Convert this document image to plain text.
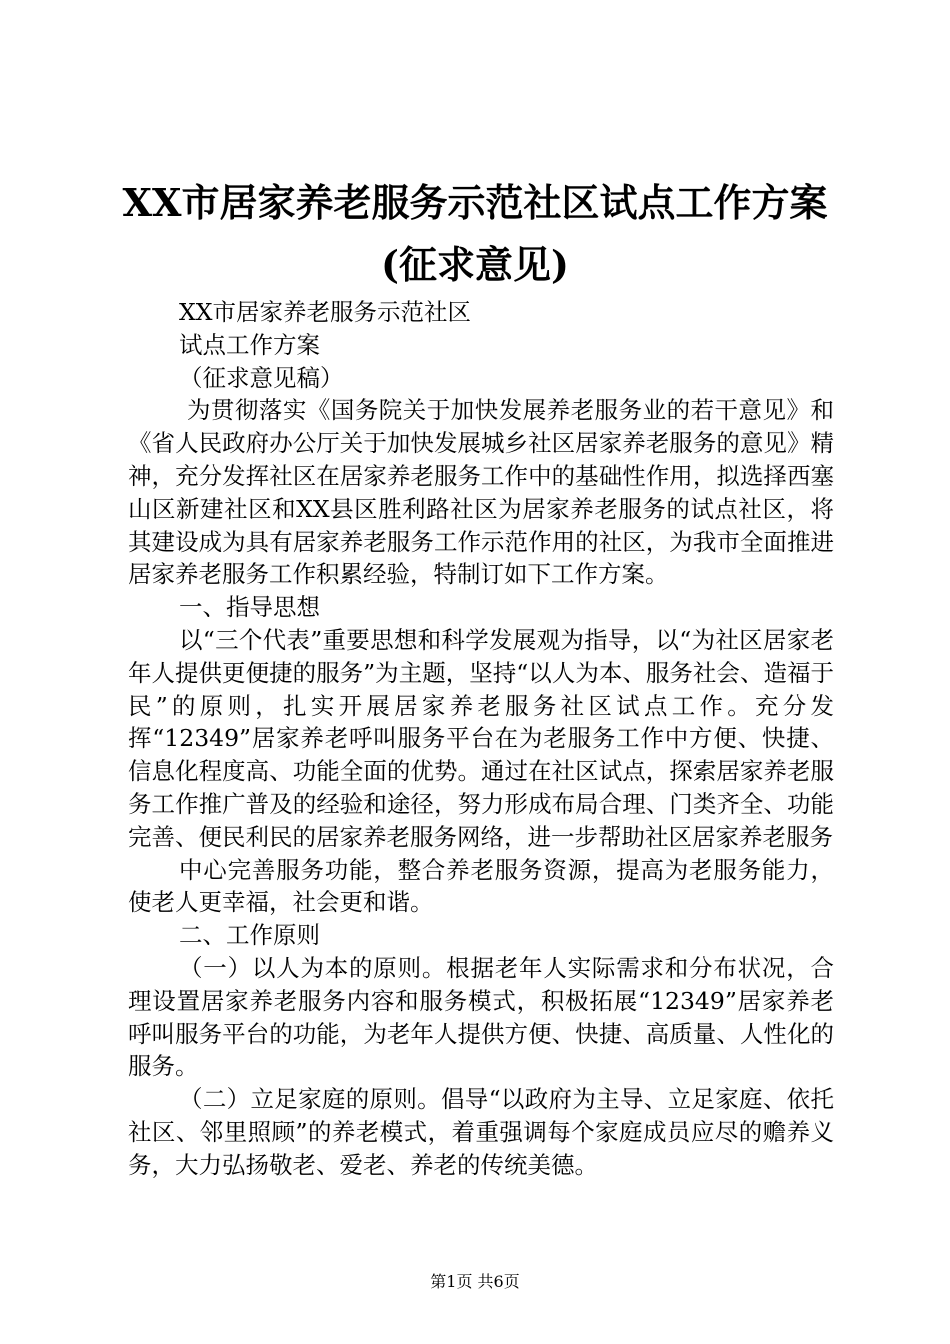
XX市居家养老服务示范社区试点工作方案(征求意见)

XX市居家养老服务示范社区

试点工作方案

（征求意见稿）

为贯彻落实《国务院关于加快发展养老服务业的若干意见》和《省人民政府办公厅关于加快发展城乡社区居家养老服务的意见》精神，充分发挥社区在居家养老服务工作中的基础性作用，拟选择西塞山区新建社区和XX县区胜利路社区为居家养老服务的试点社区，将其建设成为具有居家养老服务工作示范作用的社区，为我市全面推进居家养老服务工作积累经验，特制订如下工作方案。

一、指导思想

以“三个代表”重要思想和科学发展观为指导，以“为社区居家老年人提供更便捷的服务”为主题，坚持“以人为本、服务社会、造福于民”的原则，扎实开展居家养老服务社区试点工作。充分发挥“12349”居家养老呼叫服务平台在为老服务工作中方便、快捷、信息化程度高、功能全面的优势。通过在社区试点，探索居家养老服务工作推广普及的经验和途径，努力形成布局合理、门类齐全、功能完善、便民利民的居家养老服务网络，进一步帮助社区居家养老服务

中心完善服务功能，整合养老服务资源，提高为老服务能力，使老人更幸福，社会更和谐。

二、工作原则

（一）以人为本的原则。根据老年人实际需求和分布状况，合理设置居家养老服务内容和服务模式，积极拓展“12349”居家养老呼叫服务平台的功能，为老年人提供方便、快捷、高质量、人性化的服务。

（二）立足家庭的原则。倡导“以政府为主导、立足家庭、依托社区、邻里照顾”的养老模式，着重强调每个家庭成员应尽的赡养义务，大力弘扬敬老、爱老、养老的传统美德。

第1页 共6页
